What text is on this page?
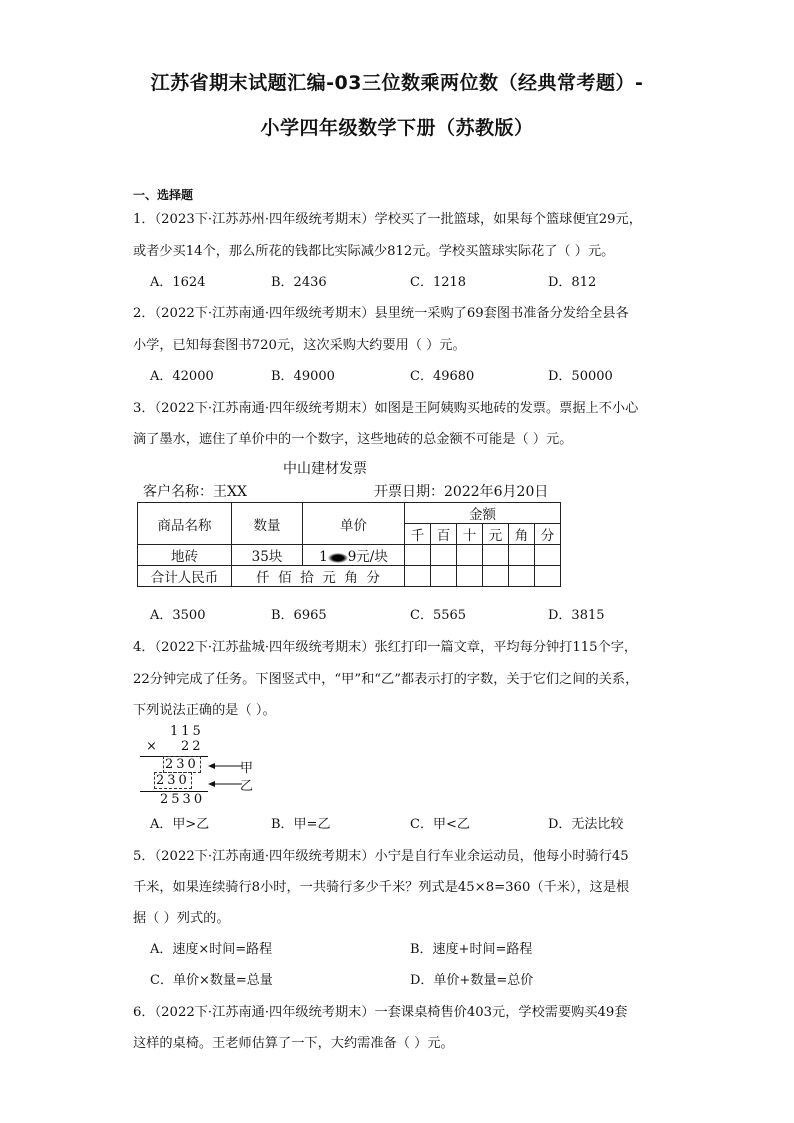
江苏省期末试题汇编-03三位数乘两位数（经典常考题）-
小学四年级数学下册（苏教版）
一、选择题
1．（2023下·江苏苏州·四年级统考期末）学校买了一批篮球，如果每个篮球便宜29元，
或者少买14个，那么所花的钱都比实际减少812元。学校买篮球实际花了（ ）元。
A．1624	B．2436	C．1218	D．812
2．（2022下·江苏南通·四年级统考期末）县里统一采购了69套图书准备分发给全县各
小学，已知每套图书720元，这次采购大约要用（ ）元。
A．42000	B．49000	C．49680	D．50000
3．（2022下·江苏南通·四年级统考期末）如图是王阿姨购买地砖的发票。票据上不小心
滴了墨水，遮住了单价中的一个数字，这些地砖的总金额不可能是（ ）元。
中山建材发票
客户名称：王XX	开票日期：2022年6月20日
商品名称	数量	单价	金额					
			千	百	十	元	角	分
地砖	35块	1 9元/块						
合计人民币	仟  佰  拾  元  角  分							
A．3500	B．6965	C．5565	D．3815
4．（2022下·江苏盐城·四年级统考期末）张红打印一篇文章，平均每分钟打115个字，
22分钟完成了任务。下图竖式中，“甲”和“乙”都表示打的字数，关于它们之间的关系，
下列说法正确的是（ ）。
115
× 22
230
230
2530
甲
乙
A．甲>乙	B．甲=乙	C．甲<乙	D．无法比较
5．（2022下·江苏南通·四年级统考期末）小宁是自行车业余运动员，他每小时骑行45
千米，如果连续骑行8小时，一共骑行多少千米？列式是45×8=360（千米），这是根
据（ ）列式的。
A．速度×时间=路程	B．速度+时间=路程
C．单价×数量=总量	D．单价+数量=总价
6．（2022下·江苏南通·四年级统考期末）一套课桌椅售价403元，学校需要购买49套
这样的桌椅。王老师估算了一下，大约需准备（ ）元。
